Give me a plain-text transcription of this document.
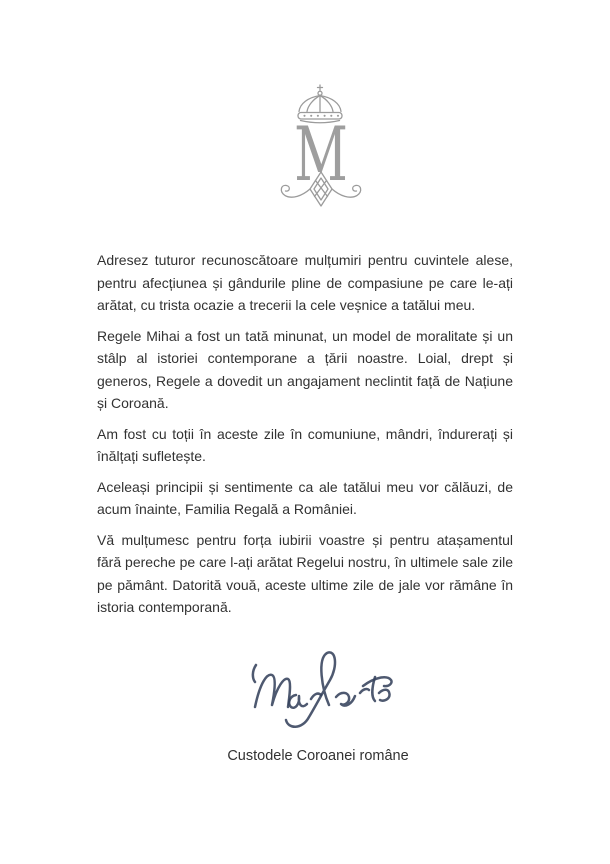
M

Adresez tuturor recunoscătoare mulțumiri pentru cuvintele alese, pentru afecțiunea și gândurile pline de compasiune pe care le-ați arătat, cu trista ocazie a trecerii la cele veșnice a tatălui meu.

Regele Mihai a fost un tată minunat, un model de moralitate și un stâlp al istoriei contemporane a țării noastre. Loial, drept și generos, Regele a dovedit un angajament neclintit față de Națiune și Coroană.

Am fost cu toții în aceste zile în comuniune, mândri, îndurerați și înălțați sufletește.

Aceleași principii și sentimente ca ale tatălui meu vor călăuzi, de acum înainte, Familia Regală a României.

Vă mulțumesc pentru forța iubirii voastre și pentru atașamentul fără pereche pe care l-ați arătat Regelui nostru, în ultimele sale zile pe pământ. Datorită vouă, aceste ultime zile de jale vor rămâne în istoria contemporană.

Custodele Coroanei române
